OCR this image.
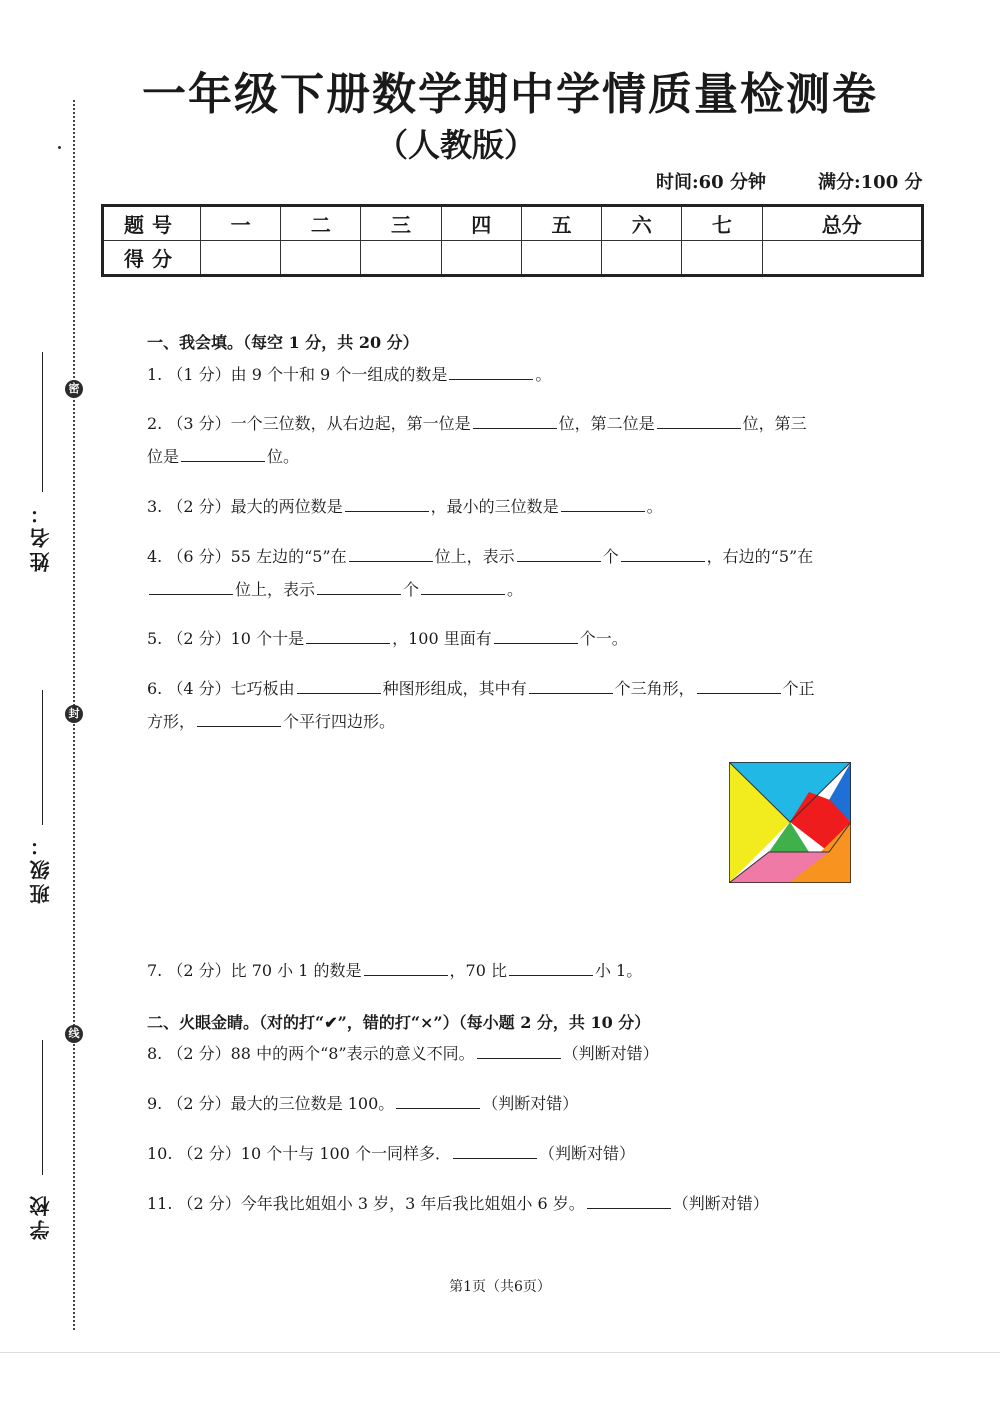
密
封
线
姓名：
班级：
学校
一年级下册数学期中学情质量检测卷
（人教版）
时间:60 分钟	满分:100 分
题号	一	二	三	四	五	六	七	总分
得分								
一、我会填。（每空 1 分，共 20 分）
1. （1 分）由 9 个十和 9 个一组成的数是	。
2. （3 分）一个三位数，从右边起，第一位是	位，第二位是	位，第三
位是	位。
3. （2 分）最大的两位数是	，最小的三位数是	。
4. （6 分）55 左边的“5”在	位上，表示	个	，右边的“5”在
位上，表示	个	。
5. （2 分）10 个十是	，100 里面有	个一。
6. （4 分）七巧板由	种图形组成，其中有	个三角形，	个正
方形，	个平行四边形。
7. （2 分）比 70 小 1 的数是	，70 比	小 1。
二、火眼金睛。（对的打“✔”，错的打“×”）（每小题 2 分，共 10 分）
8. （2 分）88 中的两个“8”表示的意义不同。	（判断对错）
9. （2 分）最大的三位数是 100。	（判断对错）
10. （2 分）10 个十与 100 个一同样多．	（判断对错）
11. （2 分）今年我比姐姐小 3 岁，3 年后我比姐姐小 6 岁。	（判断对错）
第1页（共6页）
